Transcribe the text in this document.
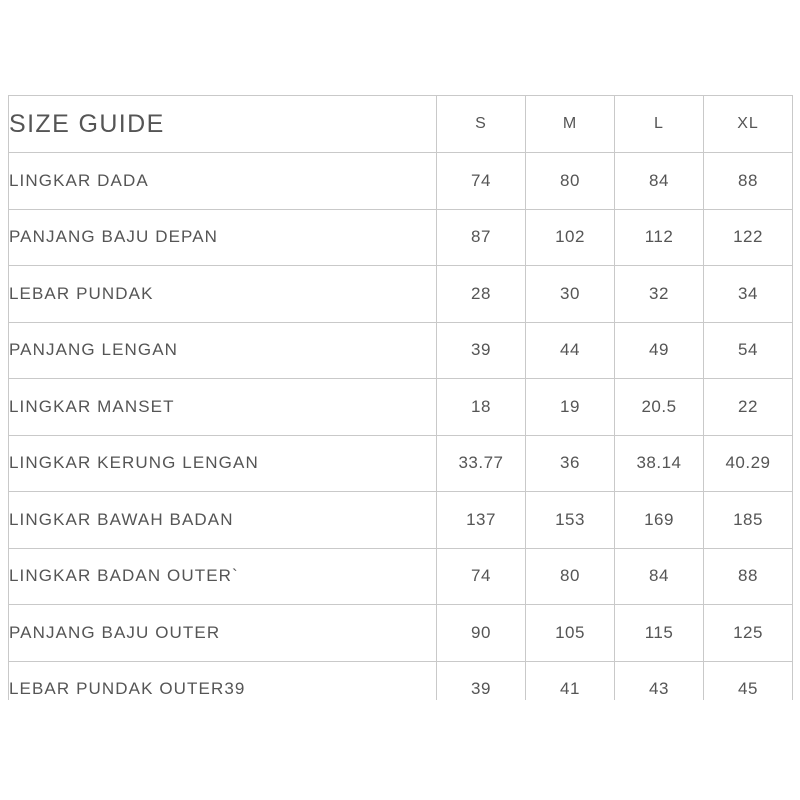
SIZE GUIDE	S	M	L	XL
LINGKAR DADA	74	80	84	88
PANJANG BAJU DEPAN	87	102	112	122
LEBAR PUNDAK	28	30	32	34
PANJANG LENGAN	39	44	49	54
LINGKAR MANSET	18	19	20.5	22
LINGKAR KERUNG LENGAN	33.77	36	38.14	40.29
LINGKAR BAWAH BADAN	137	153	169	185
LINGKAR BADAN OUTER`	74	80	84	88
PANJANG BAJU OUTER	90	105	115	125
LEBAR PUNDAK OUTER39	39	41	43	45
